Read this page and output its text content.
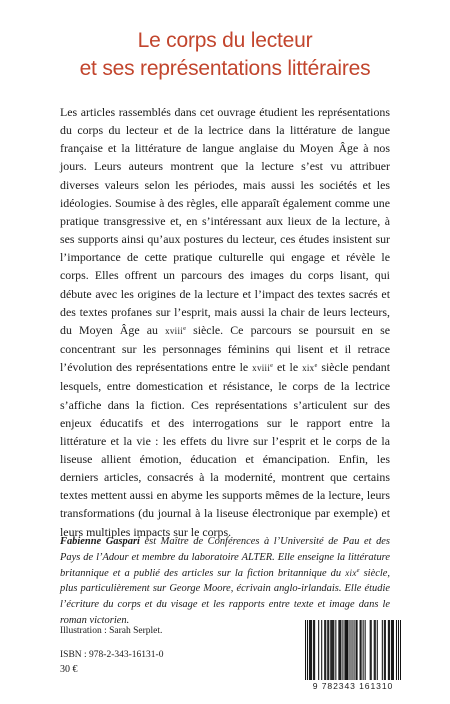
Le corps du lecteur
et ses représentations littéraires
Les articles rassemblés dans cet ouvrage étudient les représentations du corps du lecteur et de la lectrice dans la littérature de langue française et la littérature de langue anglaise du Moyen Âge à nos jours. Leurs auteurs montrent que la lecture s’est vu attribuer diverses valeurs selon les périodes, mais aussi les sociétés et les idéologies. Soumise à des règles, elle apparaît également comme une pratique transgressive et, en s’intéressant aux lieux de la lecture, à ses supports ainsi qu’aux postures du lecteur, ces études insistent sur l’importance de cette pratique culturelle qui engage et révèle le corps. Elles offrent un parcours des images du corps lisant, qui débute avec les origines de la lecture et l’impact des textes sacrés et des textes profanes sur l’esprit, mais aussi la chair de leurs lecteurs, du Moyen Âge au xviii$^e$ siècle. Ce parcours se poursuit en se concentrant sur les personnages féminins qui lisent et il retrace l’évolution des représentations entre le xviii$^e$ et le xix$^e$ siècle pendant lesquels, entre domestication et résistance, le corps de la lectrice s’affiche dans la fiction. Ces représentations s’articulent sur des enjeux éducatifs et des interrogations sur le rapport entre la littérature et la vie : les effets du livre sur l’esprit et le corps de la liseuse allient émotion, éducation et émancipation. Enfin, les derniers articles, consacrés à la modernité, montrent que certains textes mettent aussi en abyme les supports mêmes de la lecture, leurs transformations (du journal à la liseuse électronique par exemple) et leurs multiples impacts sur le corps.
Fabienne Gaspari est Maître de Conférences à l’Université de Pau et des Pays de l’Adour et membre du laboratoire ALTER. Elle enseigne la littérature britannique et a publié des articles sur la fiction britannique du xix$^e$ siècle, plus particulièrement sur George Moore, écrivain anglo-irlandais. Elle étudie l’écriture du corps et du visage et les rapports entre texte et image dans le roman victorien.
Illustration : Sarah Serplet.
ISBN : 978-2-343-16131-0
30 €
9 782343 161310
